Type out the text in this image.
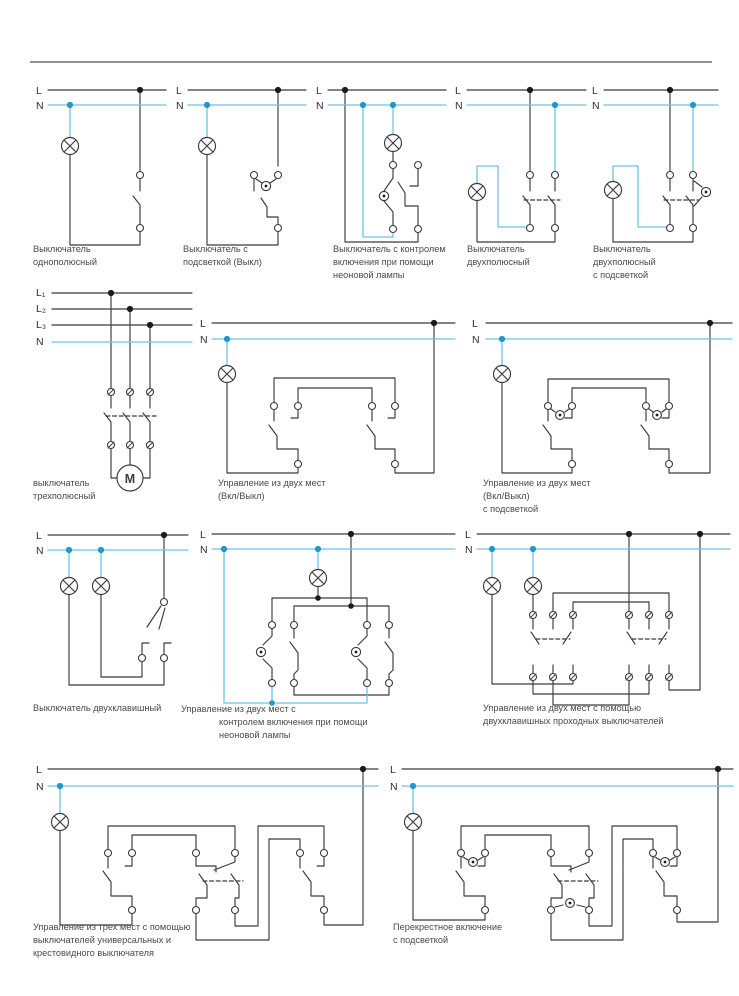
L
N
Выключатель
однополюсный
L
N
Выключатель с
подсветкой (Выкл)
L
N
Выключатель с контролем
включения при помощи
неоновой лампы
L
N
Выключатель
двухполюсный
L
N
Выключатель
двухполюсный
с подсветкой
M
L₁
L₂
L₃
N
выключатель
трехполюсный
L
N
Управление из двух мест
(Вкл/Выкл)
L
N
Управление из двух мест
(Вкл/Выкл)
с подсветкой
L
N
Выключатель двухклавишный
L
N
Управление из двух мест с
контролем включения при помощи
неоновой лампы
L
N
Управление из двух мест с помощью
двухклавишных проходных выключателей
L
N
Управление из трех мест с помощью
выключателей универсальных и
крестовидного выключателя
L
N
Перекрестное включение
с подсветкой
